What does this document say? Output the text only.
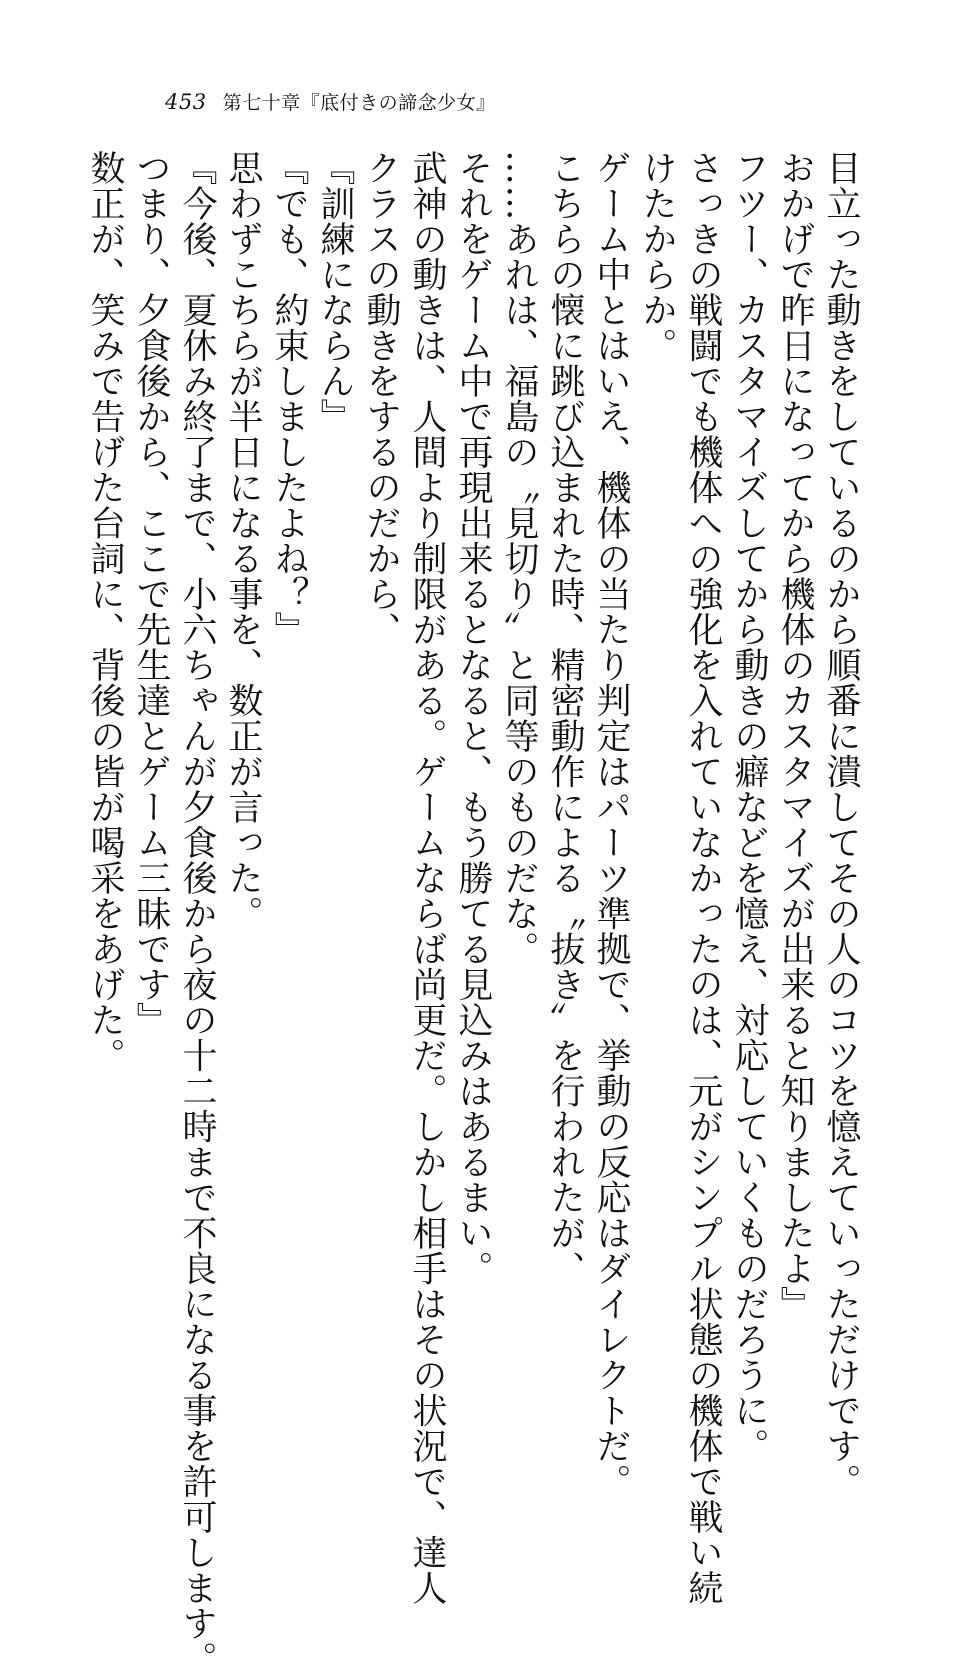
453 第七十章『底付きの諦念少女』

目立った動きをしているのから順番に潰してその人のコツを憶えていっただけです。

おかげで昨日になってから機体のカスタマイズが出来ると知りましたよ』

フツー、カスタマイズしてから動きの癖などを憶え、対応していくものだろうに。

さっきの戦闘でも機体への強化を入れていなかったのは、元がシンプル状態の機体で戦い続

けたからか。

ゲーム中とはいえ、機体の当たり判定はパーツ準拠で、挙動の反応はダイレクトだ。

こちらの懐に跳び込まれた時、精密動作による〝抜き〟を行われたが、

……あれは、福島の〝見切り〟と同等のものだな。

それをゲーム中で再現出来るとなると、もう勝てる見込みはあるまい。

武神の動きは、人間より制限がある。ゲームならば尚更だ。しかし相手はその状況で、達人

クラスの動きをするのだから、

『訓練にならん』

『でも、約束しましたよね？』

思わずこちらが半日になる事を、数正が言った。

『今後、夏休み終了まで、小六ちゃんが夕食後から夜の十二時まで不良になる事を許可します。

つまり、夕食後から、ここで先生達とゲーム三昧です』

数正が、笑みで告げた台詞に、背後の皆が喝采をあげた。
